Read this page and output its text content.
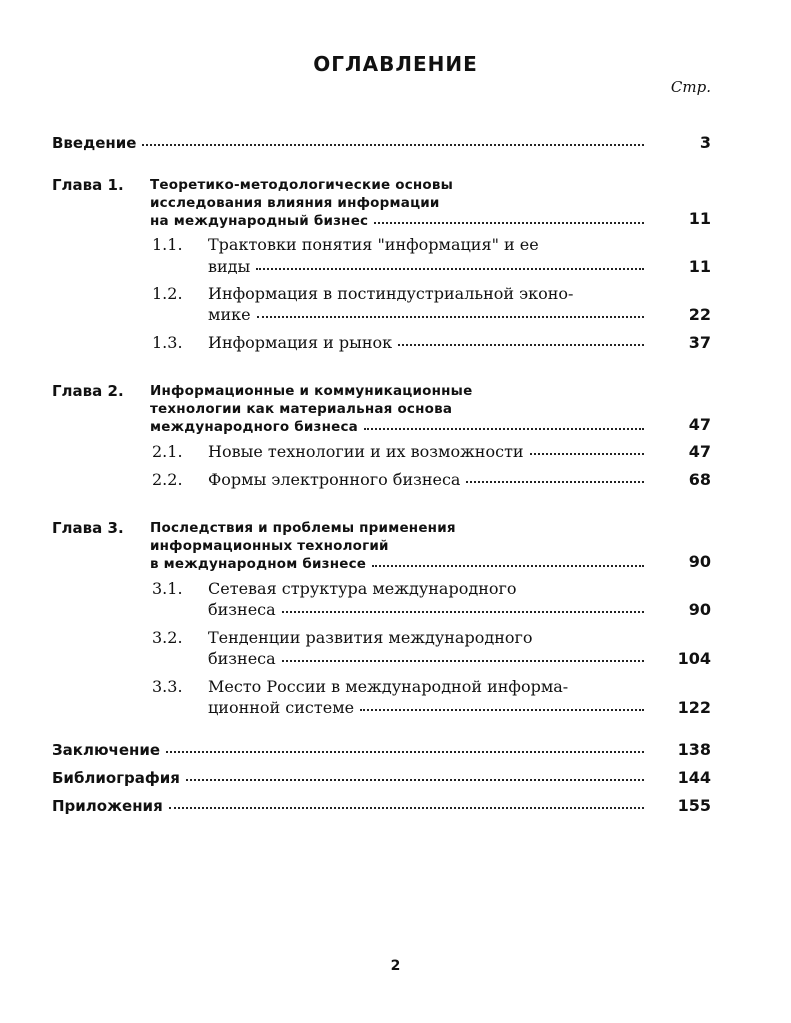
ОГЛАВЛЕНИЕ
Стр.
Введение	3
Глава 1. Теоретико-методологические основы
исследования влияния информации
на международный бизнес	11
1.1. Трактовки понятия "информация" и ее
виды	11
1.2. Информация в постиндустриальной эконо-
мике	22
1.3. Информация и рынок	37
Глава 2. Информационные и коммуникационные
технологии как материальная основа
международного бизнеса	47
2.1. Новые технологии и их возможности	47
2.2. Формы электронного бизнеса	68
Глава 3. Последствия и проблемы применения
информационных технологий
в международном бизнесе	90
3.1. Сетевая структура международного
бизнеса	90
3.2. Тенденции развития международного
бизнеса	104
3.3. Место России в международной информа-
ционной системе	122
Заключение	138
Библиография	144
Приложения	155
2
